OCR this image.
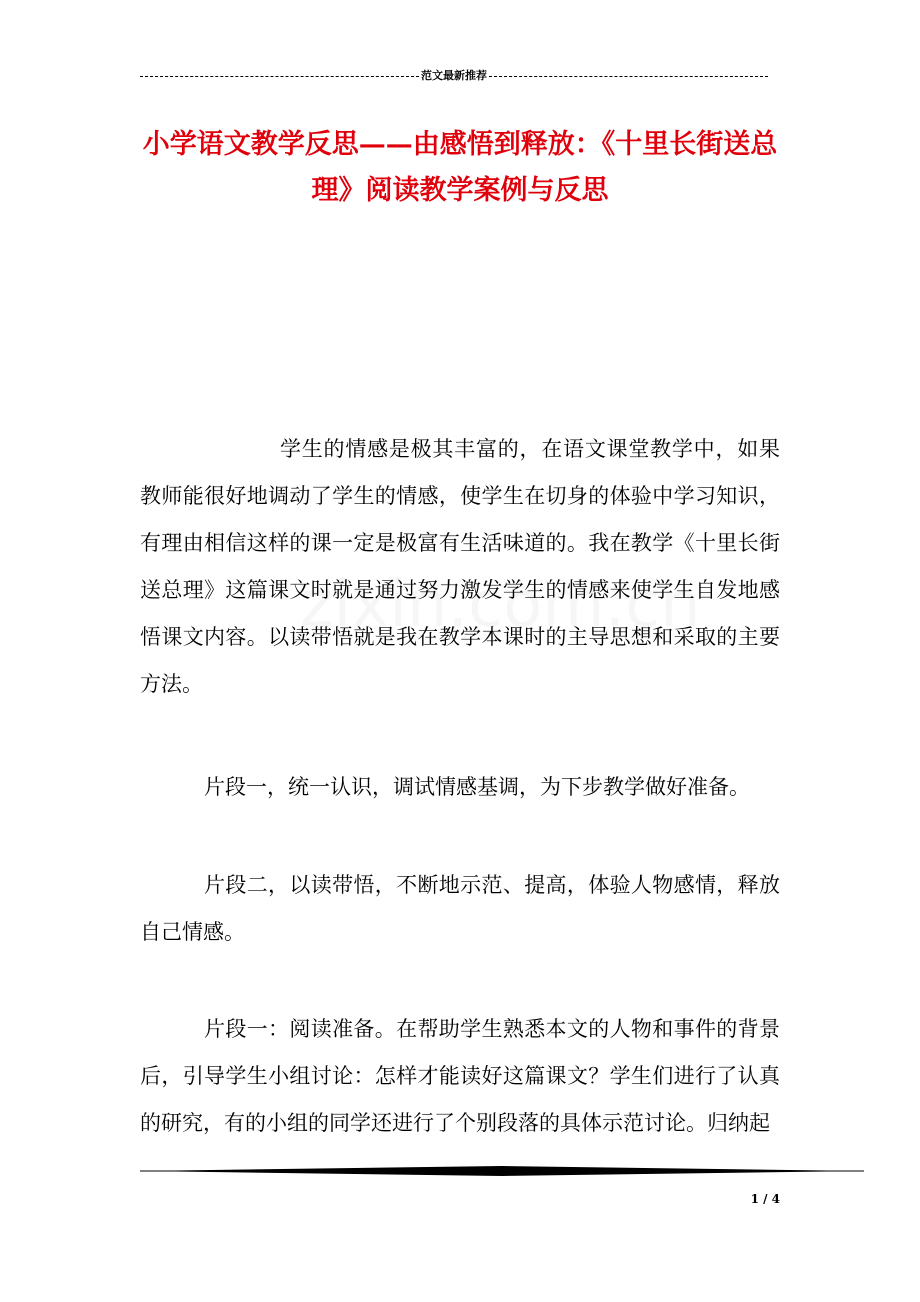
范文最新推荐
小学语文教学反思——由感悟到释放：《十里长街送总理》阅读教学案例与反思

学生的情感是极其丰富的，在语文课堂教学中，如果教师能很好地调动了学生的情感，使学生在切身的体验中学习知识，有理由相信这样的课一定是极富有生活味道的。我在教学《十里长街送总理》这篇课文时就是通过努力激发学生的情感来使学生自发地感悟课文内容。以读带悟就是我在教学本课时的主导思想和采取的主要方法。

片段一，统一认识，调试情感基调，为下步教学做好准备。

片段二，以读带悟，不断地示范、提高，体验人物感情，释放自己情感。

片段一：阅读准备。在帮助学生熟悉本文的人物和事件的背景后，引导学生小组讨论：怎样才能读好这篇课文？学生们进行了认真的研究，有的小组的同学还进行了个别段落的具体示范讨论。归纳起

1 / 4
